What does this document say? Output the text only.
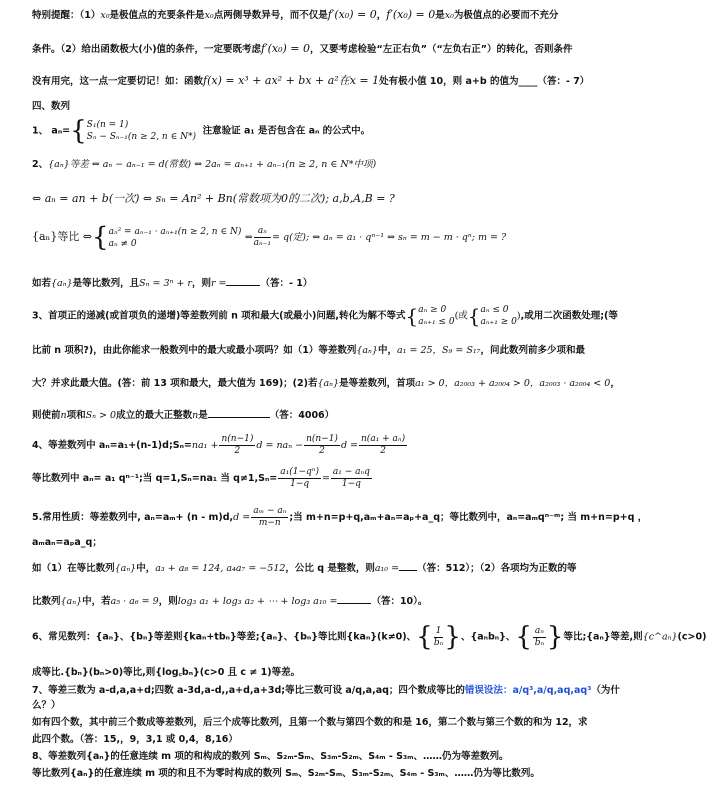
特别提醒：（1）x₀是极值点的充要条件是x₀点两侧导数异号，而不仅是f′(x₀) = 0，f′(x₀) = 0是x₀为极值点的必要而不充分
条件。（2）给出函数极大(小)值的条件，一定要既考虑f′(x₀) = 0，又要考虑检验“左正右负”（“左负右正”）的转化，否则条件
没有用完，这一点一定要切记！如：函数f(x) = x³ + ax² + bx + a²在x = 1处有极小值 10，则 a+b 的值为____（答：- 7）
四、数列
1、 aₙ={ S₁(n = 1)
Sₙ − Sₙ₋₁(n ≥ 2, n ∈ N*)
注意验证 a₁ 是否包含在 aₙ 的公式中。
2、{aₙ}等差 ⇔ aₙ − aₙ₋₁ = d(常数) ⇔ 2aₙ = aₙ₊₁ + aₙ₋₁(n ≥ 2, n ∈ N*中项)
⇔ aₙ = an + b(一次) ⇔ sₙ = An² + Bn(常数项为0的二次); a,b,A,B = ?
{aₙ}等比 ⇔{ aₙ² = aₙ₋₁ · aₙ₊₁(n ≥ 2, n ∈ N)
aₙ ≠ 0
⇔ $\frac{\text{aₙ}}{\text{aₙ₋₁}} = q$(定); ⇔ aₙ = a₁ · qⁿ⁻¹ ⇔ sₙ = m − m · qⁿ; m = ?
如若{aₙ}是等比数列，且Sₙ = 3ⁿ + r，则r =	（答：- 1）
3、首项正的递减(或首项负的递增)等差数列前 n 项和最大(或最小)问题,转化为解不等式{ aₙ ≥ 0
aₙ₊₁ ≤ 0
(或{ aₙ ≤ 0
aₙ₊₁ ≥ 0
),或用二次函数处理;(等
比前 n 项积?)，由此你能求一般数列中的最大或最小项吗？如（1）等差数列{aₙ}中，a₁ = 25，S₉ = S₁₇，问此数列前多少项和最
大？并求此最大值。(答：前 13 项和最大，最大值为 169)；(2)若{aₙ}是等差数列，首项a₁ > 0，a₂₀₀₃ + a₂₀₀₄ > 0，a₂₀₀₃ · a₂₀₀₄ < 0，
则使前n项和Sₙ > 0成立的最大正整数n是	（答：4006）
4、等差数列中 aₙ=a₁+(n-1)d;Sₙ=na₁ + $\frac{n(n-1)}{2}$ $d = na_n - \frac{n(n-1)}{2}$ $d = \frac{\text{n(a₁ + aₙ)}}{2}$
等比数列中 aₙ= a₁ qⁿ⁻¹;当 q=1,Sₙ=na₁ 当 $q\ne 1,S_n= \frac{\text{a₁(1−qⁿ)}}{1-q} = \frac{\text{a₁ − aₙq}}{1-q}$
5.常用性质：等差数列中, $a_n=a_m+ (n - m)d,d = \frac{\text{aₘ − aₙ}}{m-n}$ ;当 m+n=p+q,aₘ+aₙ=aₚ+a_q；等比数列中，aₙ=aₘqⁿ⁻ᵐ; 当 m+n=p+q ，
aₘaₙ=aₚa_q；
如（1）在等比数列{aₙ}中，a₃ + a₈ = 124, a₄a₇ = −512，公比 q 是整数，则a₁₀ = （答：512）；（2）各项均为正数的等
比数列{aₙ}中，若a₅ · a₆ = 9，则log₃ a₁ + log₃ a₂ + ⋯ + log₃ a₁₀ =	（答：10）。
6、常见数列：{aₙ}、{bₙ}等差则{kaₙ+tbₙ}等差;{aₙ}、{bₙ}等比则{kaₙ}(k≠0)、{ $\frac{1}{\text{bₙ}}$ }、{aₙbₙ}、{ $\frac{\text{aₙ}}{\text{bₙ}}$ }等比;{aₙ}等差,则{c^aₙ}(c>0)
成等比.{bₙ}(bₙ>0)等比,则{log꜀bₙ}(c>0 且 c ≠ 1)等差。
7、等差三数为 a-d,a,a+d;四数 a-3d,a-d,,a+d,a+3d;等比三数可设 a/q,a,aq；四个数成等比的错误设法：a/q³,a/q,aq,aq³（为什
么？）
如有四个数，其中前三个数成等差数列，后三个成等比数列，且第一个数与第四个数的和是 16，第二个数与第三个数的和为 12，求
此四个数。（答：15,，9，3,1 或 0,4，8,16）
8、等差数列{aₙ}的任意连续 m 项的和构成的数列 Sₘ、S₂ₘ-Sₘ、S₃ₘ-S₂ₘ、S₄ₘ - S₃ₘ、……仍为等差数列。
等比数列{aₙ}的任意连续 m 项的和且不为零时构成的数列 Sₘ、S₂ₘ-Sₘ、S₃ₘ-S₂ₘ、S₄ₘ - S₃ₘ、……仍为等比数列。
